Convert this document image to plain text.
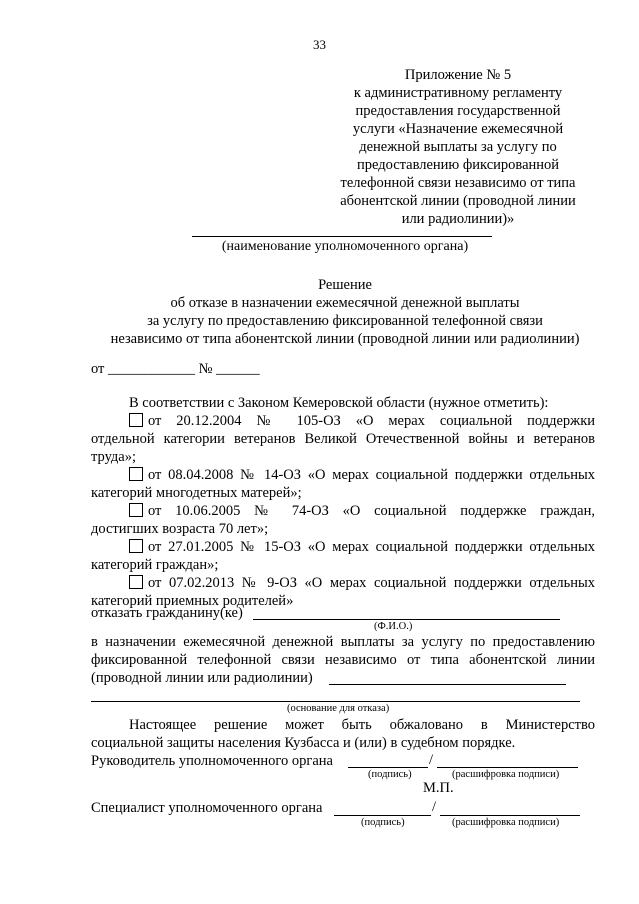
33
Приложение № 5
к административному регламенту
предоставления государственной
услуги «Назначение ежемесячной
денежной выплаты за услугу по
предоставлению фиксированной
телефонной связи независимо от типа
абонентской линии (проводной линии
или радиолинии)»
(наименование уполномоченного органа)
Решение
об отказе в назначении ежемесячной денежной выплаты
за услугу по предоставлению фиксированной телефонной связи
независимо от типа абонентской линии (проводной линии или радиолинии)
от ____________ № ______
В соответствии с Законом Кемеровской области (нужное отметить):
от 20.12.2004 № 105-ОЗ «О мерах социальной поддержки
отдельной категории ветеранов Великой Отечественной войны и ветеранов
труда»;
от 08.04.2008 № 14-ОЗ «О мерах социальной поддержки отдельных
категорий многодетных матерей»;
от 10.06.2005 № 74-ОЗ «О социальной поддержке граждан,
достигших возраста 70 лет»;
от 27.01.2005 № 15-ОЗ «О мерах социальной поддержки отдельных
категорий граждан»;
от 07.02.2013 № 9-ОЗ «О мерах социальной поддержки отдельных
категорий приемных родителей»
отказать гражданину(ке)
(Ф.И.О.)
в назначении ежемесячной денежной выплаты за услугу по предоставлению
фиксированной телефонной связи независимо от типа абонентской линии
(проводной линии или радиолинии)
(основание для отказа)
Настоящее решение может быть обжаловано в Министерство
социальной защиты населения Кузбасса и (или) в судебном порядке.
Руководитель уполномоченного органа	/
(подпись)	(расшифровка подписи)
М.П.
Специалист уполномоченного органа	/
(подпись)	(расшифровка подписи)
